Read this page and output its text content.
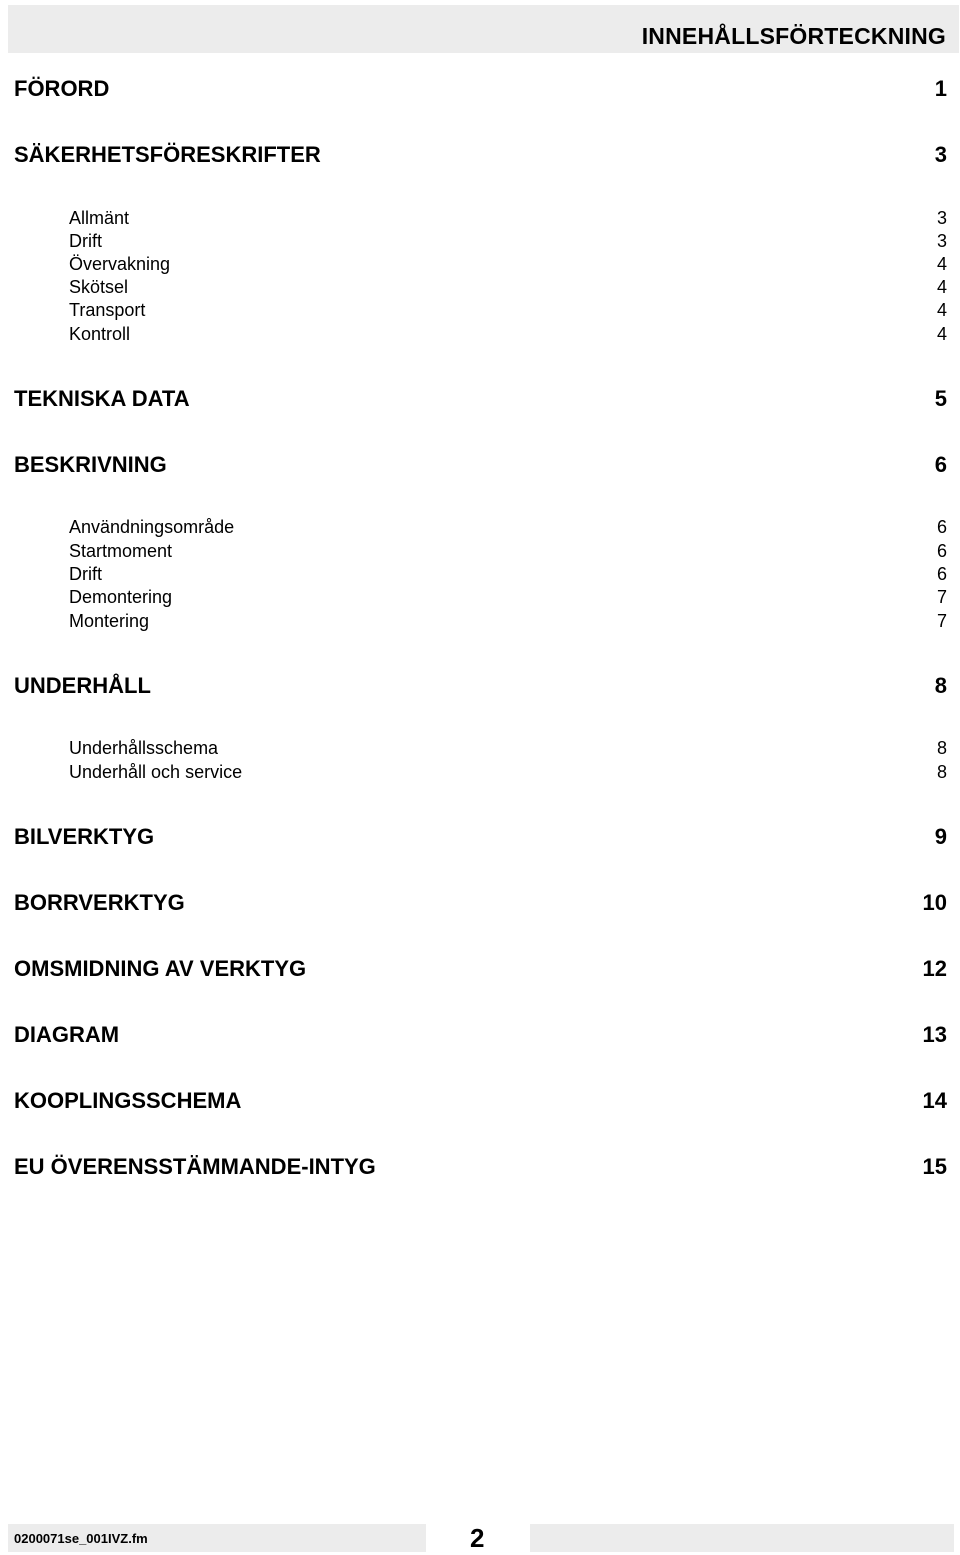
INNEHÅLLSFÖRTECKNING
FÖRORD	1
SÄKERHETSFÖRESKRIFTER	3
Allmänt	3
Drift	3
Övervakning	4
Skötsel	4
Transport	4
Kontroll	4
TEKNISKA DATA	5
BESKRIVNING	6
Användningsområde	6
Startmoment	6
Drift	6
Demontering	7
Montering	7
UNDERHÅLL	8
Underhållsschema	8
Underhåll och service	8
BILVERKTYG	9
BORRVERKTYG	10
OMSMIDNING AV VERKTYG	12
DIAGRAM	13
KOOPLINGSSCHEMA	14
EU ÖVERENSSTÄMMANDE-INTYG	15
0200071se_001IVZ.fm	2
